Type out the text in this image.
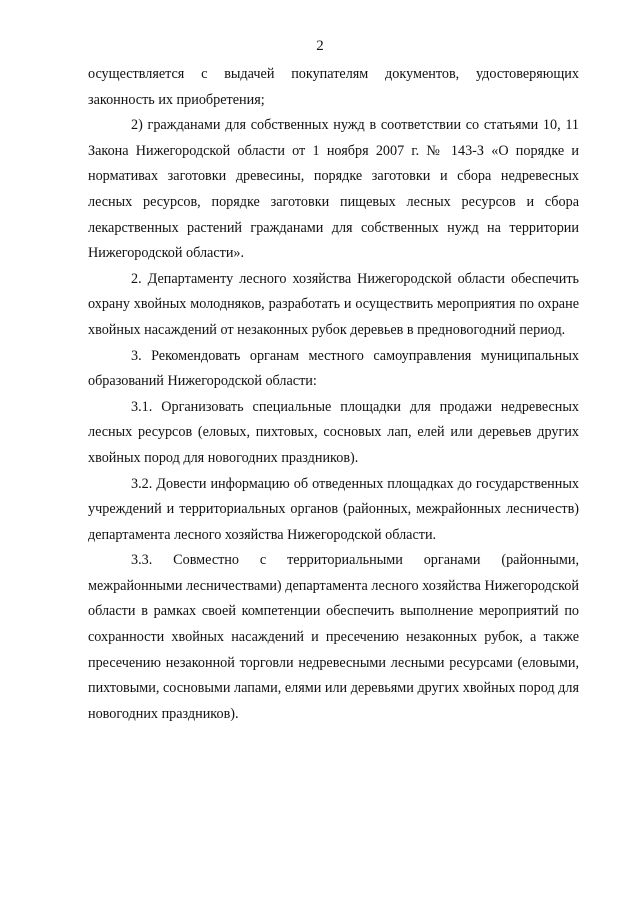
2

осуществляется с выдачей покупателям документов, удостоверяющих законность их приобретения;

2) гражданами для собственных нужд в соответствии со статьями 10, 11 Закона Нижегородской области от 1 ноября 2007 г. № 143-З «О порядке и нормативах заготовки древесины, порядке заготовки и сбора недревесных лесных ресурсов, порядке заготовки пищевых лесных ресурсов и сбора лекарственных растений гражданами для собственных нужд на территории Нижегородской области».

2. Департаменту лесного хозяйства Нижегородской области обеспечить охрану хвойных молодняков, разработать и осуществить мероприятия по охране хвойных насаждений от незаконных рубок деревьев в предновогодний период.

3. Рекомендовать органам местного самоуправления муниципальных образований Нижегородской области:

3.1. Организовать специальные площадки для продажи недревесных лесных ресурсов (еловых, пихтовых, сосновых лап, елей или деревьев других хвойных пород для новогодних праздников).

3.2. Довести информацию об отведенных площадках до государственных учреждений и территориальных органов (районных, межрайонных лесничеств) департамента лесного хозяйства Нижегородской области.

3.3. Совместно с территориальными органами (районными, межрайонными лесничествами) департамента лесного хозяйства Нижегородской области в рамках своей компетенции обеспечить выполнение мероприятий по сохранности хвойных насаждений и пресечению незаконных рубок, а также пресечению незаконной торговли недревесными лесными ресурсами (еловыми, пихтовыми, сосновыми лапами, елями или деревьями других хвойных пород для новогодних праздников).
